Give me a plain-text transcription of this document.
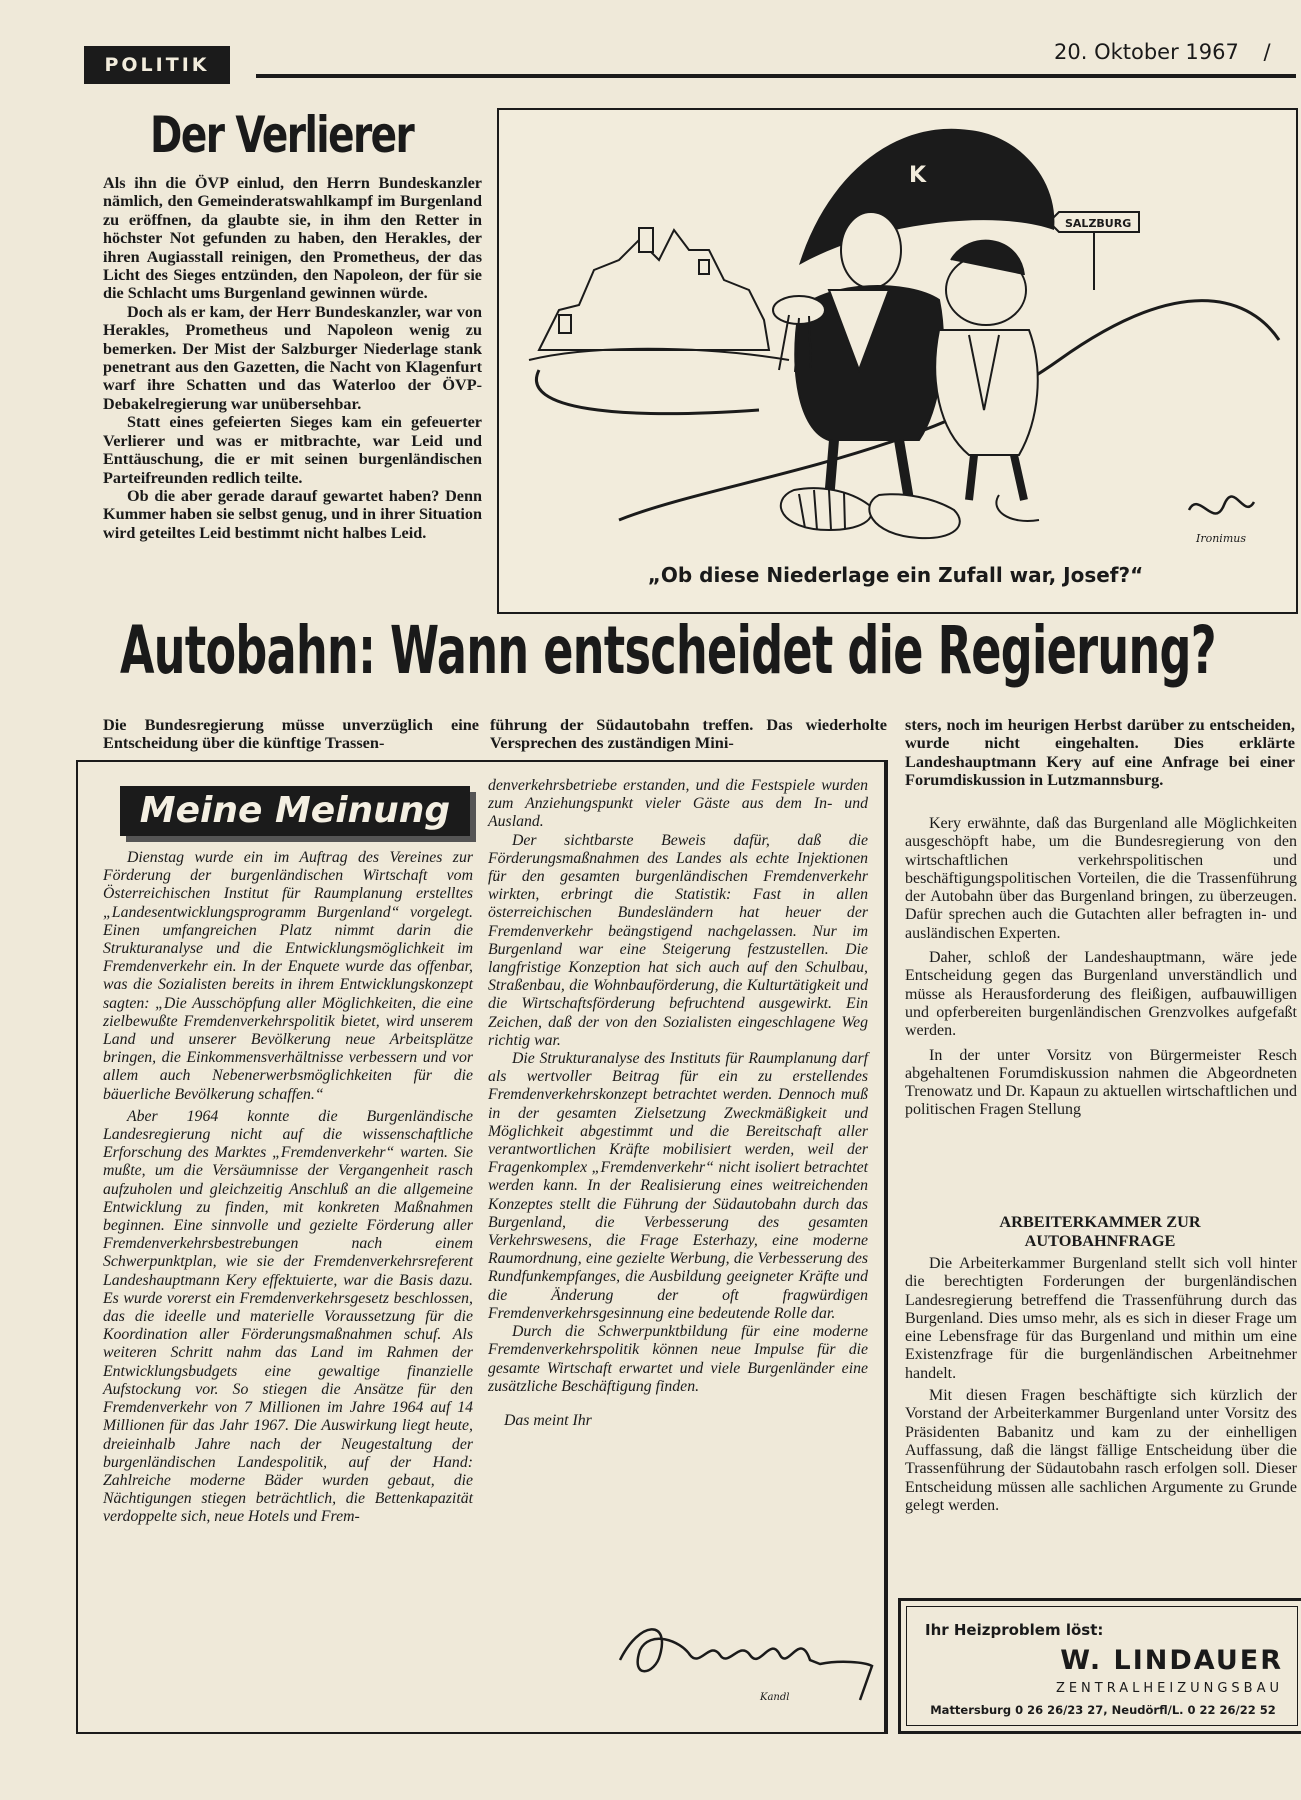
POLITIK
20. Oktober 1967 /
Der Verlierer

Als ihn die ÖVP einlud, den Herrn Bundeskanzler nämlich, den Gemeinderatswahlkampf im Burgenland zu eröffnen, da glaubte sie, in ihm den Retter in höchster Not gefunden zu haben, den Herakles, der ihren Augiasstall reinigen, den Prometheus, der das Licht des Sieges entzünden, den Napoleon, der für sie die Schlacht ums Burgenland gewinnen würde.

Doch als er kam, der Herr Bundeskanzler, war von Herakles, Prometheus und Napoleon wenig zu bemerken. Der Mist der Salzburger Niederlage stank penetrant aus den Gazetten, die Nacht von Klagenfurt warf ihre Schatten und das Waterloo der ÖVP-Debakelregierung war unübersehbar.

Statt eines gefeierten Sieges kam ein gefeuerter Verlierer und was er mitbrachte, war Leid und Enttäuschung, die er mit seinen burgenländischen Parteifreunden redlich teilte.

Ob die aber gerade darauf gewartet haben? Denn Kummer haben sie selbst genug, und in ihrer Situation wird geteiltes Leid bestimmt nicht halbes Leid.

SALZBURG
K
Ironimus
„Ob diese Niederlage ein Zufall war, Josef?“
Autobahn: Wann entscheidet die Regierung?
Die Bundesregierung müsse unverzüglich eine Entscheidung über die künftige Trassen-
führung der Südautobahn treffen. Das wiederholte Versprechen des zuständigen Mini-
sters, noch im heurigen Herbst darüber zu entscheiden, wurde nicht eingehalten. Dies erklärte Landeshauptmann Kery auf eine Anfrage bei einer Forumdiskussion in Lutzmannsburg.
Meine Meinung

Dienstag wurde ein im Auftrag des Vereines zur Förderung der burgenländischen Wirtschaft vom Österreichischen Institut für Raumplanung erstelltes „Landesentwicklungsprogramm Burgenland“ vorgelegt. Einen umfangreichen Platz nimmt darin die Strukturanalyse und die Entwicklungsmöglichkeit im Fremdenverkehr ein. In der Enquete wurde das offenbar, was die Sozialisten bereits in ihrem Entwicklungskonzept sagten: „Die Ausschöpfung aller Möglichkeiten, die eine zielbewußte Fremdenverkehrspolitik bietet, wird unserem Land und unserer Bevölkerung neue Arbeitsplätze bringen, die Einkommensverhältnisse verbessern und vor allem auch Nebenerwerbsmöglichkeiten für die bäuerliche Bevölkerung schaffen.“

Aber 1964 konnte die Burgenländische Landesregierung nicht auf die wissenschaftliche Erforschung des Marktes „Fremdenverkehr“ warten. Sie mußte, um die Versäumnisse der Vergangenheit rasch aufzuholen und gleichzeitig Anschluß an die allgemeine Entwicklung zu finden, mit konkreten Maßnahmen beginnen. Eine sinnvolle und gezielte Förderung aller Fremdenverkehrsbestrebungen nach einem Schwerpunktplan, wie sie der Fremdenverkehrsreferent Landeshauptmann Kery effektuierte, war die Basis dazu. Es wurde vorerst ein Fremdenverkehrsgesetz beschlossen, das die ideelle und materielle Voraussetzung für die Koordination aller Förderungsmaßnahmen schuf. Als weiteren Schritt nahm das Land im Rahmen der Entwicklungsbudgets eine gewaltige finanzielle Aufstockung vor. So stiegen die Ansätze für den Fremdenverkehr von 7 Millionen im Jahre 1964 auf 14 Millionen für das Jahr 1967. Die Auswirkung liegt heute, dreieinhalb Jahre nach der Neugestaltung der burgenländischen Landespolitik, auf der Hand: Zahlreiche moderne Bäder wurden gebaut, die Nächtigungen stiegen beträchtlich, die Bettenkapazität verdoppelte sich, neue Hotels und Frem-

denverkehrsbetriebe erstanden, und die Festspiele wurden zum Anziehungspunkt vieler Gäste aus dem In- und Ausland.

Der sichtbarste Beweis dafür, daß die Förderungsmaßnahmen des Landes als echte Injektionen für den gesamten burgenländischen Fremdenverkehr wirkten, erbringt die Statistik: Fast in allen österreichischen Bundesländern hat heuer der Fremdenverkehr beängstigend nachgelassen. Nur im Burgenland war eine Steigerung festzustellen. Die langfristige Konzeption hat sich auch auf den Schulbau, Straßenbau, die Wohnbauförderung, die Kulturtätigkeit und die Wirtschaftsförderung befruchtend ausgewirkt. Ein Zeichen, daß der von den Sozialisten eingeschlagene Weg richtig war.

Die Strukturanalyse des Instituts für Raumplanung darf als wertvoller Beitrag für ein zu erstellendes Fremdenverkehrskonzept betrachtet werden. Dennoch muß in der gesamten Zielsetzung Zweckmäßigkeit und Möglichkeit abgestimmt und die Bereitschaft aller verantwortlichen Kräfte mobilisiert werden, weil der Fragenkomplex „Fremdenverkehr“ nicht isoliert betrachtet werden kann. In der Realisierung eines weitreichenden Konzeptes stellt die Führung der Südautobahn durch das Burgenland, die Verbesserung des gesamten Verkehrswesens, die Frage Esterhazy, eine moderne Raumordnung, eine gezielte Werbung, die Verbesserung des Rundfunkempfanges, die Ausbildung geeigneter Kräfte und die Änderung der oft fragwürdigen Fremdenverkehrsgesinnung eine bedeutende Rolle dar.

Durch die Schwerpunktbildung für eine moderne Fremdenverkehrspolitik können neue Impulse für die gesamte Wirtschaft erwartet und viele Burgenländer eine zusätzliche Beschäftigung finden.

Das meint Ihr

Kandl

Kery erwähnte, daß das Burgenland alle Möglichkeiten ausgeschöpft habe, um die Bundesregierung von den wirtschaftlichen verkehrspolitischen und beschäftigungspolitischen Vorteilen, die die Trassenführung der Autobahn über das Burgenland bringen, zu überzeugen. Dafür sprechen auch die Gutachten aller befragten in- und ausländischen Experten.

Daher, schloß der Landeshauptmann, wäre jede Entscheidung gegen das Burgenland unverständlich und müsse als Herausforderung des fleißigen, aufbauwilligen und opferbereiten burgenländischen Grenzvolkes aufgefaßt werden.

In der unter Vorsitz von Bürgermeister Resch abgehaltenen Forumdiskussion nahmen die Abgeordneten Trenowatz und Dr. Kapaun zu aktuellen wirtschaftlichen und politischen Fragen Stellung

ARBEITERKAMMER ZUR AUTOBAHNFRAGE

Die Arbeiterkammer Burgenland stellt sich voll hinter die berechtigten Forderungen der burgenländischen Landesregierung betreffend die Trassenführung durch das Burgenland. Dies umso mehr, als es sich in dieser Frage um eine Lebensfrage für das Burgenland und mithin um eine Existenzfrage für die burgenländischen Arbeitnehmer handelt.

Mit diesen Fragen beschäftigte sich kürzlich der Vorstand der Arbeiterkammer Burgenland unter Vorsitz des Präsidenten Babanitz und kam zu der einhelligen Auffassung, daß die längst fällige Entscheidung über die Trassenführung der Südautobahn rasch erfolgen soll. Dieser Entscheidung müssen alle sachlichen Argumente zu Grunde gelegt werden.

Ihr Heizproblem löst:
W. LINDAUER
ZENTRALHEIZUNGSBAU
Mattersburg 0 26 26/23 27, Neudörfl/L. 0 22 26/22 52
